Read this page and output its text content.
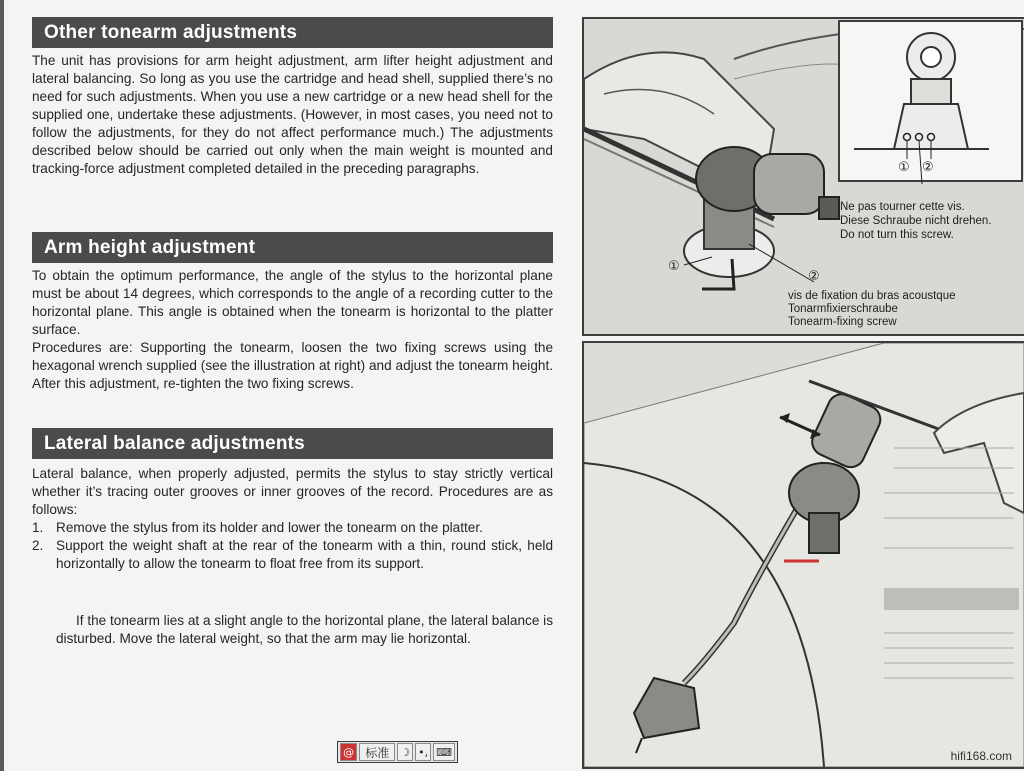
Other tonearm adjustments

The unit has provisions for arm height adjustment, arm lifter height adjustment and lateral balancing. So long as you use the cartridge and head shell, supplied there’s no need for such adjustments. When you use a new cartridge or a new head shell for the supplied one, undertake these adjustments. (However, in most cases, you need not to follow the adjustments, for they do not affect performance much.) The adjustments described below should be carried out only when the main weight is mounted and tracking-force adjustment completed detailed in the preceding paragraphs.

Arm height adjustment

To obtain the optimum performance, the angle of the stylus to the horizontal plane must be about 14 degrees, which corresponds to the angle of a recording cutter to the horizontal plane. This angle is obtained when the tonearm is horizontal to the platter surface.

Procedures are: Supporting the tonearm, loosen the two fixing screws using the hexagonal wrench supplied (see the illustration at right) and adjust the tonearm height. After this adjustment, re-tighten the two fixing screws.

Lateral balance adjustments

Lateral balance, when properly adjusted, permits the stylus to stay strictly vertical whether it’s tracing outer grooves or inner grooves of the record. Procedures are as follows:

1. Remove the stylus from its holder and lower the tonearm on the platter.
2. Support the weight shaft at the rear of the tonearm with a thin, round stick, held horizontally to allow the tonearm to float free from its support.

If the tonearm lies at a slight angle to the horizontal plane, the lateral balance is disturbed. Move the lateral weight, so that the arm may lie horizontal.

① ②
①
②
Ne pas tourner cette vis.
Diese Schraube nicht drehen.
Do not turn this screw.
vis de fixation du bras acoustque
Tonarmfixierschraube
Tonearm-fixing screw
@ 标准 ☽ •, ⌨	hifi168.com
